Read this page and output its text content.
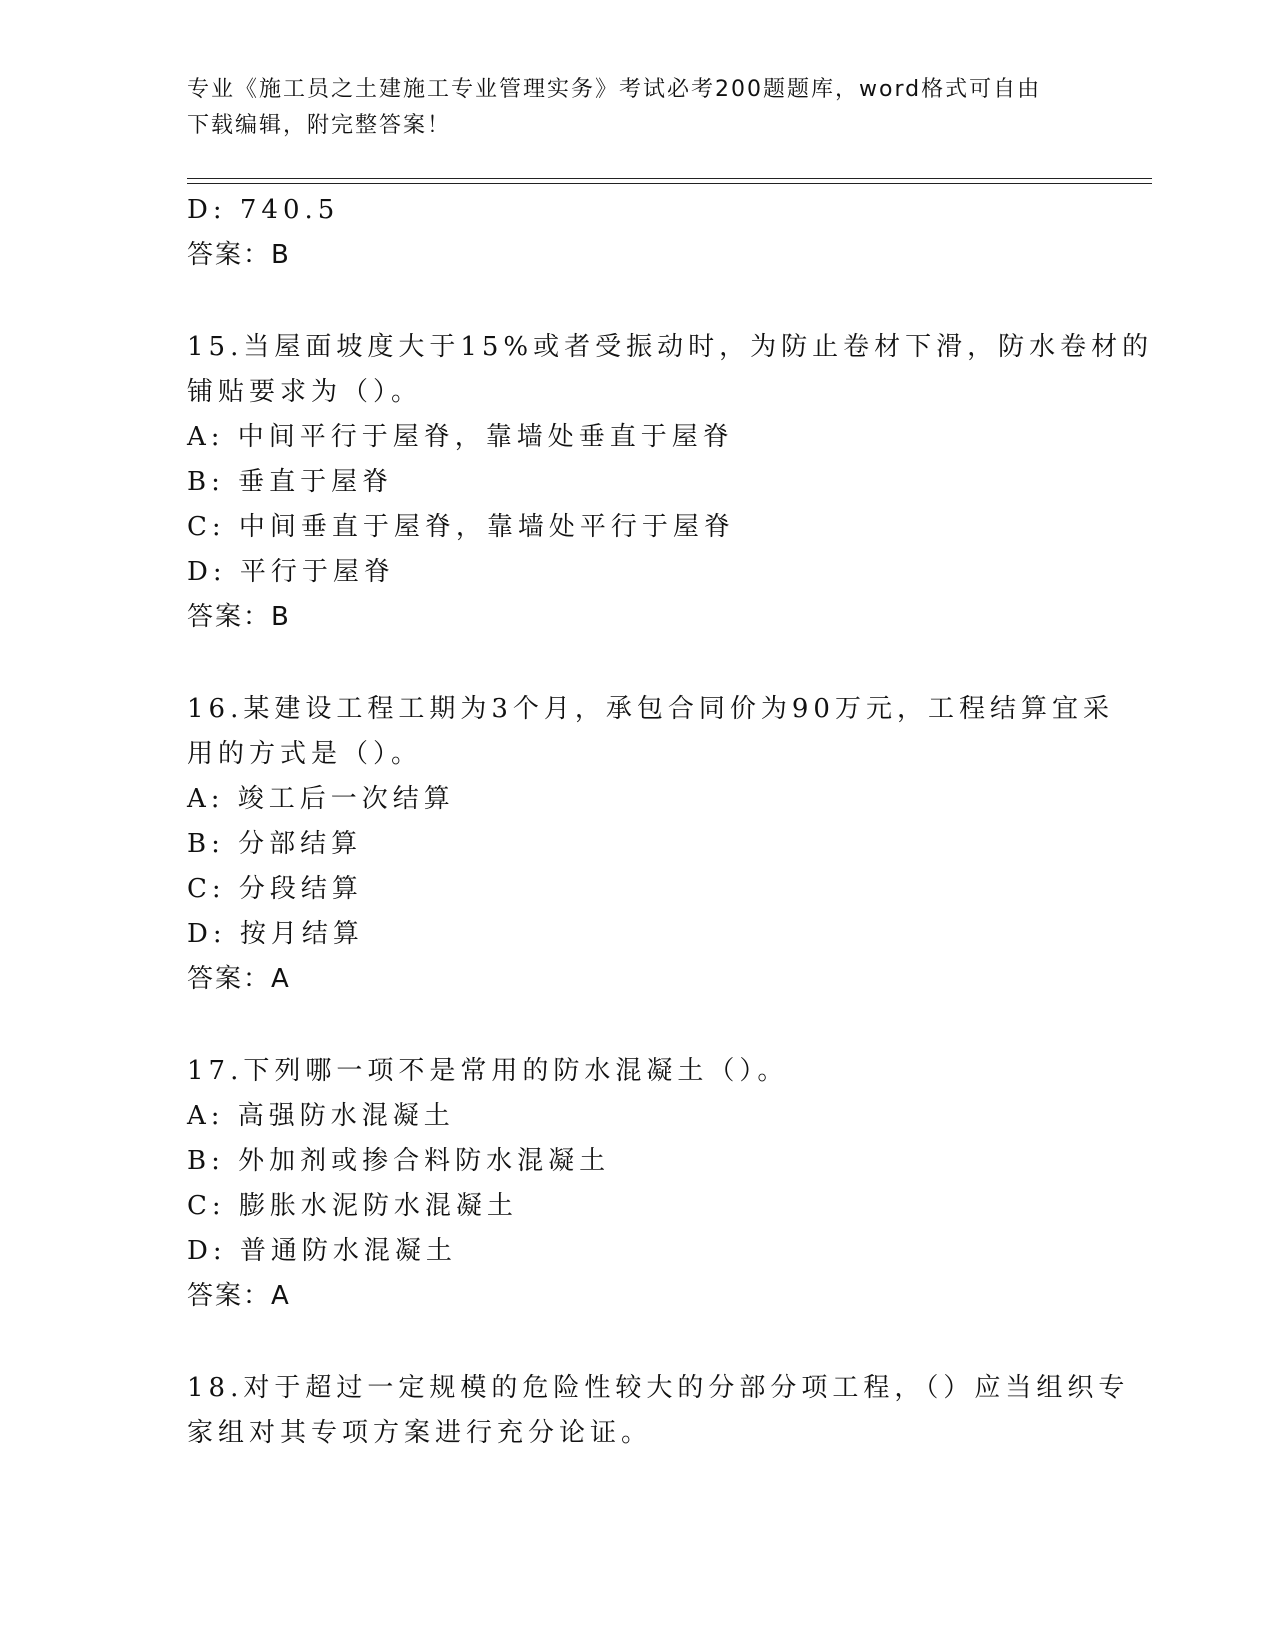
专业《施工员之土建施工专业管理实务》考试必考200题题库，word格式可自由
下载编辑，附完整答案！
D: 740.5
答案：B
15.当屋面坡度大于15%或者受振动时，为防止卷材下滑，防水卷材的
铺贴要求为（）。
A: 中间平行于屋脊，靠墙处垂直于屋脊
B: 垂直于屋脊
C: 中间垂直于屋脊，靠墙处平行于屋脊
D: 平行于屋脊
答案：B
16.某建设工程工期为3个月，承包合同价为90万元，工程结算宜采
用的方式是（）。
A: 竣工后一次结算
B: 分部结算
C: 分段结算
D: 按月结算
答案：A
17.下列哪一项不是常用的防水混凝土（）。
A: 高强防水混凝土
B: 外加剂或掺合料防水混凝土
C: 膨胀水泥防水混凝土
D: 普通防水混凝土
答案：A
18.对于超过一定规模的危险性较大的分部分项工程，（）应当组织专
家组对其专项方案进行充分论证。
